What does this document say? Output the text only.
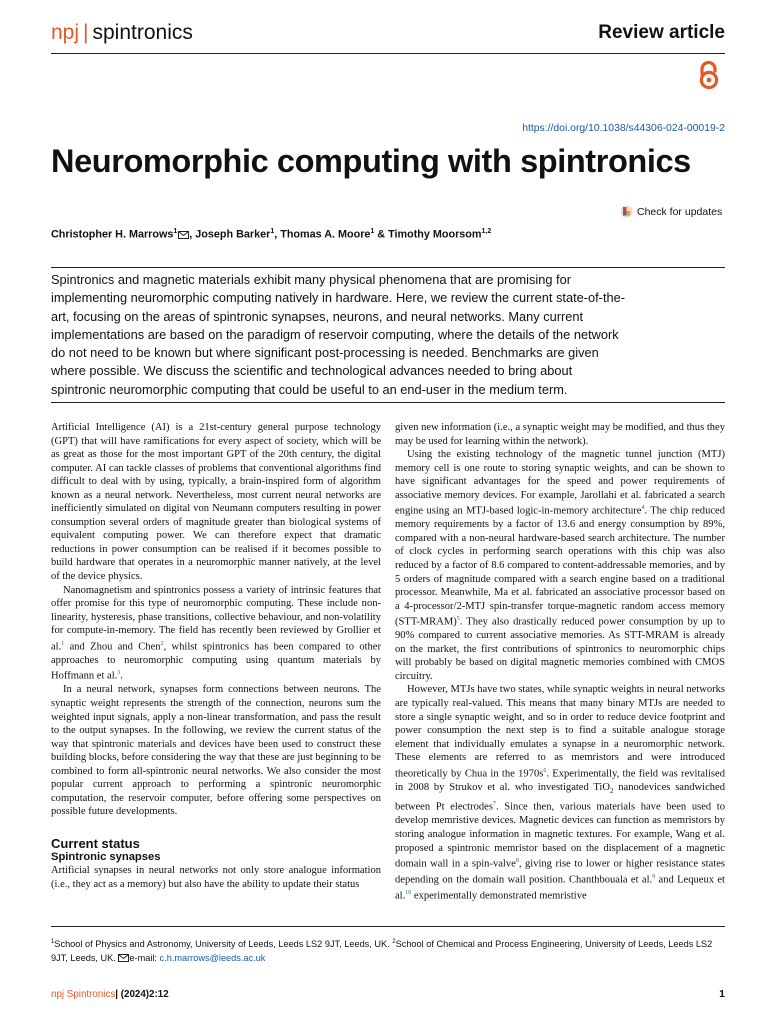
npj | spintronics	Review article
https://doi.org/10.1038/s44306-024-00019-2
Neuromorphic computing with spintronics
Check for updates
Christopher H. Marrows$^1$ , Joseph Barker$^1$, Thomas A. Moore$^1$ & Timothy Moorsom$^{1,2}$
Spintronics and magnetic materials exhibit many physical phenomena that are promising for implementing neuromorphic computing natively in hardware. Here, we review the current state-of-the-art, focusing on the areas of spintronic synapses, neurons, and neural networks. Many current implementations are based on the paradigm of reservoir computing, where the details of the network do not need to be known but where significant post-processing is needed. Benchmarks are given where possible. We discuss the scientific and technological advances needed to bring about spintronic neuromorphic computing that could be useful to an end-user in the medium term.

Artificial Intelligence (AI) is a 21st-century general purpose technology (GPT) that will have ramifications for every aspect of society, which will be as great as those for the most important GPT of the 20th century, the digital computer. AI can tackle classes of problems that conventional algorithms find difficult to deal with by using, typically, a brain-inspired form of algorithm known as a neural network. Nevertheless, most current neural networks are inefficiently simulated on digital von Neumann computers resulting in power consumption several orders of magnitude greater than biological systems of equivalent computing power. We can therefore expect that dramatic reductions in power consumption can be realised if it becomes possible to build hardware that operates in a neuromorphic manner natively, at the level of the device physics.

Nanomagnetism and spintronics possess a variety of intrinsic features that offer promise for this type of neuromorphic computing. These include non-linearity, hysteresis, phase transitions, collective behaviour, and non-volatility for compute-in-memory. The field has recently been reviewed by Grollier et al.$^1$ and Zhou and Chen$^2$, whilst spintronics has been compared to other approaches to neuromorphic computing using quantum materials by Hoffmann et al.$^3$.

In a neural network, synapses form connections between neurons. The synaptic weight represents the strength of the connection, neurons sum the weighted input signals, apply a non-linear transformation, and pass the result to the output synapses. In the following, we review the current status of the way that spintronic materials and devices have been used to construct these building blocks, before considering the way that these are just beginning to be combined to form all-spintronic neural networks. We also consider the most popular current approach to performing a spintronic neuromorphic computation, the reservoir computer, before offering some perspectives on possible future developments.

Current status
Spintronic synapses

Artificial synapses in neural networks not only store analogue information (i.e., they act as a memory) but also have the ability to update their status

given new information (i.e., a synaptic weight may be modified, and thus they may be used for learning within the network).

Using the existing technology of the magnetic tunnel junction (MTJ) memory cell is one route to storing synaptic weights, and can be shown to have significant advantages for the speed and power requirements of associative memory devices. For example, Jarollahi et al. fabricated a search engine using an MTJ-based logic-in-memory architecture$^4$. The chip reduced memory requirements by a factor of 13.6 and energy consumption by 89%, compared with a non-neural hardware-based search architecture. The number of clock cycles in performing search operations with this chip was also reduced by a factor of 8.6 compared to content-addressable memories, and by 5 orders of magnitude compared with a search engine based on a traditional processor. Meanwhile, Ma et al. fabricated an associative processor based on a 4-processor/2-MTJ spin-transfer torque-magnetic random access memory (STT-MRAM)$^5$. They also drastically reduced power consumption by up to 90% compared to current associative memories. As STT-MRAM is already on the market, the first contributions of spintronics to neuromorphic chips will probably be based on digital magnetic memories combined with CMOS circuitry.

However, MTJs have two states, while synaptic weights in neural networks are typically real-valued. This means that many binary MTJs are needed to store a single synaptic weight, and so in order to reduce device footprint and power consumption the next step is to find a suitable analogue storage element that individually emulates a synapse in a neuromorphic network. These elements are referred to as memristors and were introduced theoretically by Chua in the $1970s^6$. Experimentally, the field was revitalised in 2008 by Strukov et al. who investigated TiO$_2$ nanodevices sandwiched between Pt electrodes$^7$. Since then, various materials have been used to develop memristive devices. Magnetic devices can function as memristors by storing analogue information in magnetic textures. For example, Wang et al. proposed a spintronic memristor based on the displacement of a magnetic domain wall in a spin-valve$^8$, giving rise to lower or higher resistance states depending on the domain wall position. Chanthbouala et al.$^9$ and Lequeux et al.$^{10}$ experimentally demonstrated memristive

$^1$School of Physics and Astronomy, University of Leeds, Leeds LS2 9JT, Leeds, UK. $^2$School of Chemical and Process Engineering, University of Leeds, Leeds LS2 9JT, Leeds, UK. e-mail: c.h.marrows@leeds.ac.uk
npj Spintronics| (2024)2:12	1
